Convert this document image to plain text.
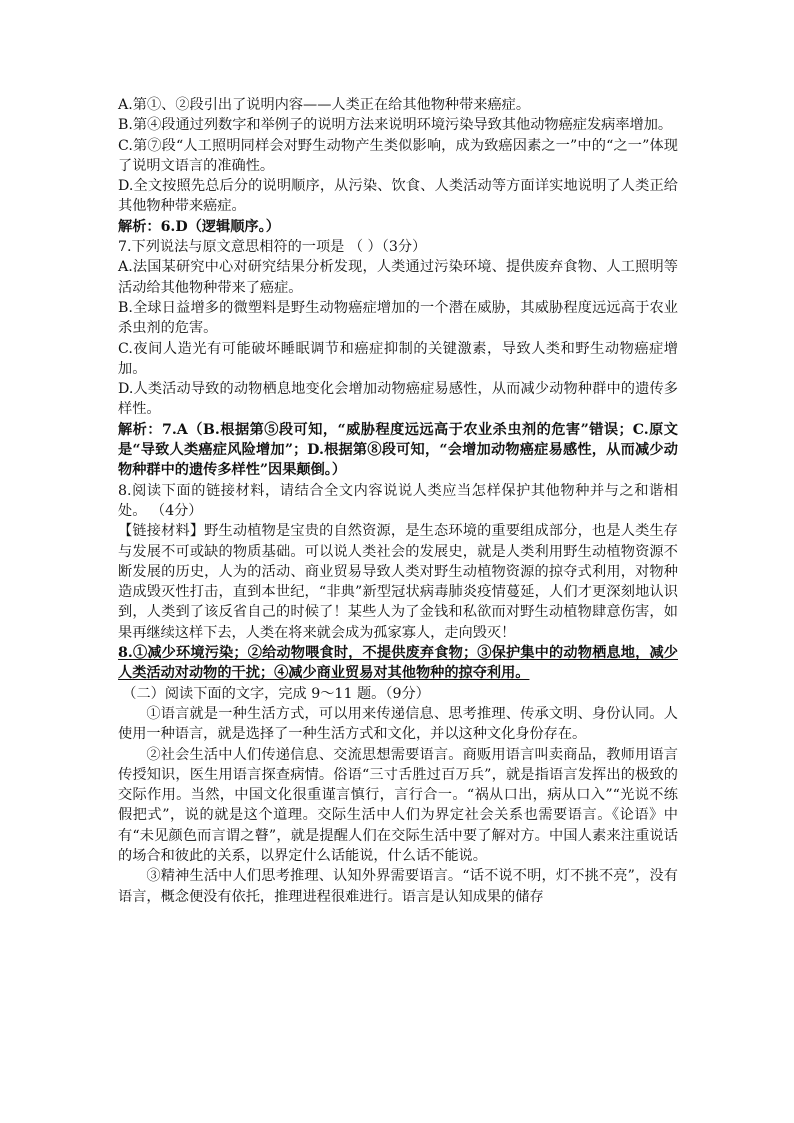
A.第①、②段引出了说明内容——人类正在给其他物种带来癌症。

B.第④段通过列数字和举例子的说明方法来说明环境污染导致其他动物癌症发病率增加。

C.第⑦段“人工照明同样会对野生动物产生类似影响，成为致癌因素之一”中的“之一”体现了说明文语言的准确性。

D.全文按照先总后分的说明顺序，从污染、饮食、人类活动等方面详实地说明了人类正给其他物种带来癌症。

解析：6.D（逻辑顺序。）

7.下列说法与原文意思相符的一项是 （ ）（3分）

A.法国某研究中心对研究结果分析发现，人类通过污染环境、提供废弃食物、人工照明等活动给其他物种带来了癌症。

B.全球日益增多的微塑料是野生动物癌症增加的一个潜在威胁，其威胁程度远远高于农业杀虫剂的危害。

C.夜间人造光有可能破坏睡眠调节和癌症抑制的关键激素，导致人类和野生动物癌症增加。

D.人类活动导致的动物栖息地变化会增加动物癌症易感性，从而减少动物种群中的遗传多样性。

解析：7.A（B.根据第⑤段可知，“威胁程度远远高于农业杀虫剂的危害”错误；C.原文是“导致人类癌症风险增加”；D.根据第⑧段可知，“会增加动物癌症易感性，从而减少动物种群中的遗传多样性”因果颠倒。）

8.阅读下面的链接材料，请结合全文内容说说人类应当怎样保护其他物种并与之和谐相处。 （4分）

【链接材料】野生动植物是宝贵的自然资源，是生态环境的重要组成部分，也是人类生存与发展不可或缺的物质基础。可以说人类社会的发展史，就是人类利用野生动植物资源不断发展的历史，人为的活动、商业贸易导致人类对野生动植物资源的掠夺式利用，对物种造成毁灭性打击，直到本世纪，“非典”新型冠状病毒肺炎疫情蔓延，人们才更深刻地认识到，人类到了该反省自己的时候了！某些人为了金钱和私欲而对野生动植物肆意伤害，如果再继续这样下去，人类在将来就会成为孤家寡人，走向毁灭！

8.①减少环境污染；②给动物喂食时，不提供废弃食物；③保护集中的动物栖息地，减少人类活动对动物的干扰；④减少商业贸易对其他物种的掠夺利用。

（二）阅读下面的文字，完成 9～11 题。（9分）

①语言就是一种生活方式，可以用来传递信息、思考推理、传承文明、身份认同。人使用一种语言，就是选择了一种生活方式和文化，并以这种文化身份存在。

②社会生活中人们传递信息、交流思想需要语言。商贩用语言叫卖商品，教师用语言传授知识，医生用语言探查病情。俗语“三寸舌胜过百万兵”，就是指语言发挥出的极致的交际作用。当然，中国文化很重谨言慎行，言行合一。“祸从口出，病从口入”“光说不练假把式”，说的就是这个道理。交际生活中人们为界定社会关系也需要语言。《论语》中有“未见颜色而言谓之瞽”，就是提醒人们在交际生活中要了解对方。中国人素来注重说话的场合和彼此的关系，以界定什么话能说，什么话不能说。

③精神生活中人们思考推理、认知外界需要语言。“话不说不明，灯不挑不亮”，没有语言，概念便没有依托，推理进程很难进行。语言是认知成果的储存
